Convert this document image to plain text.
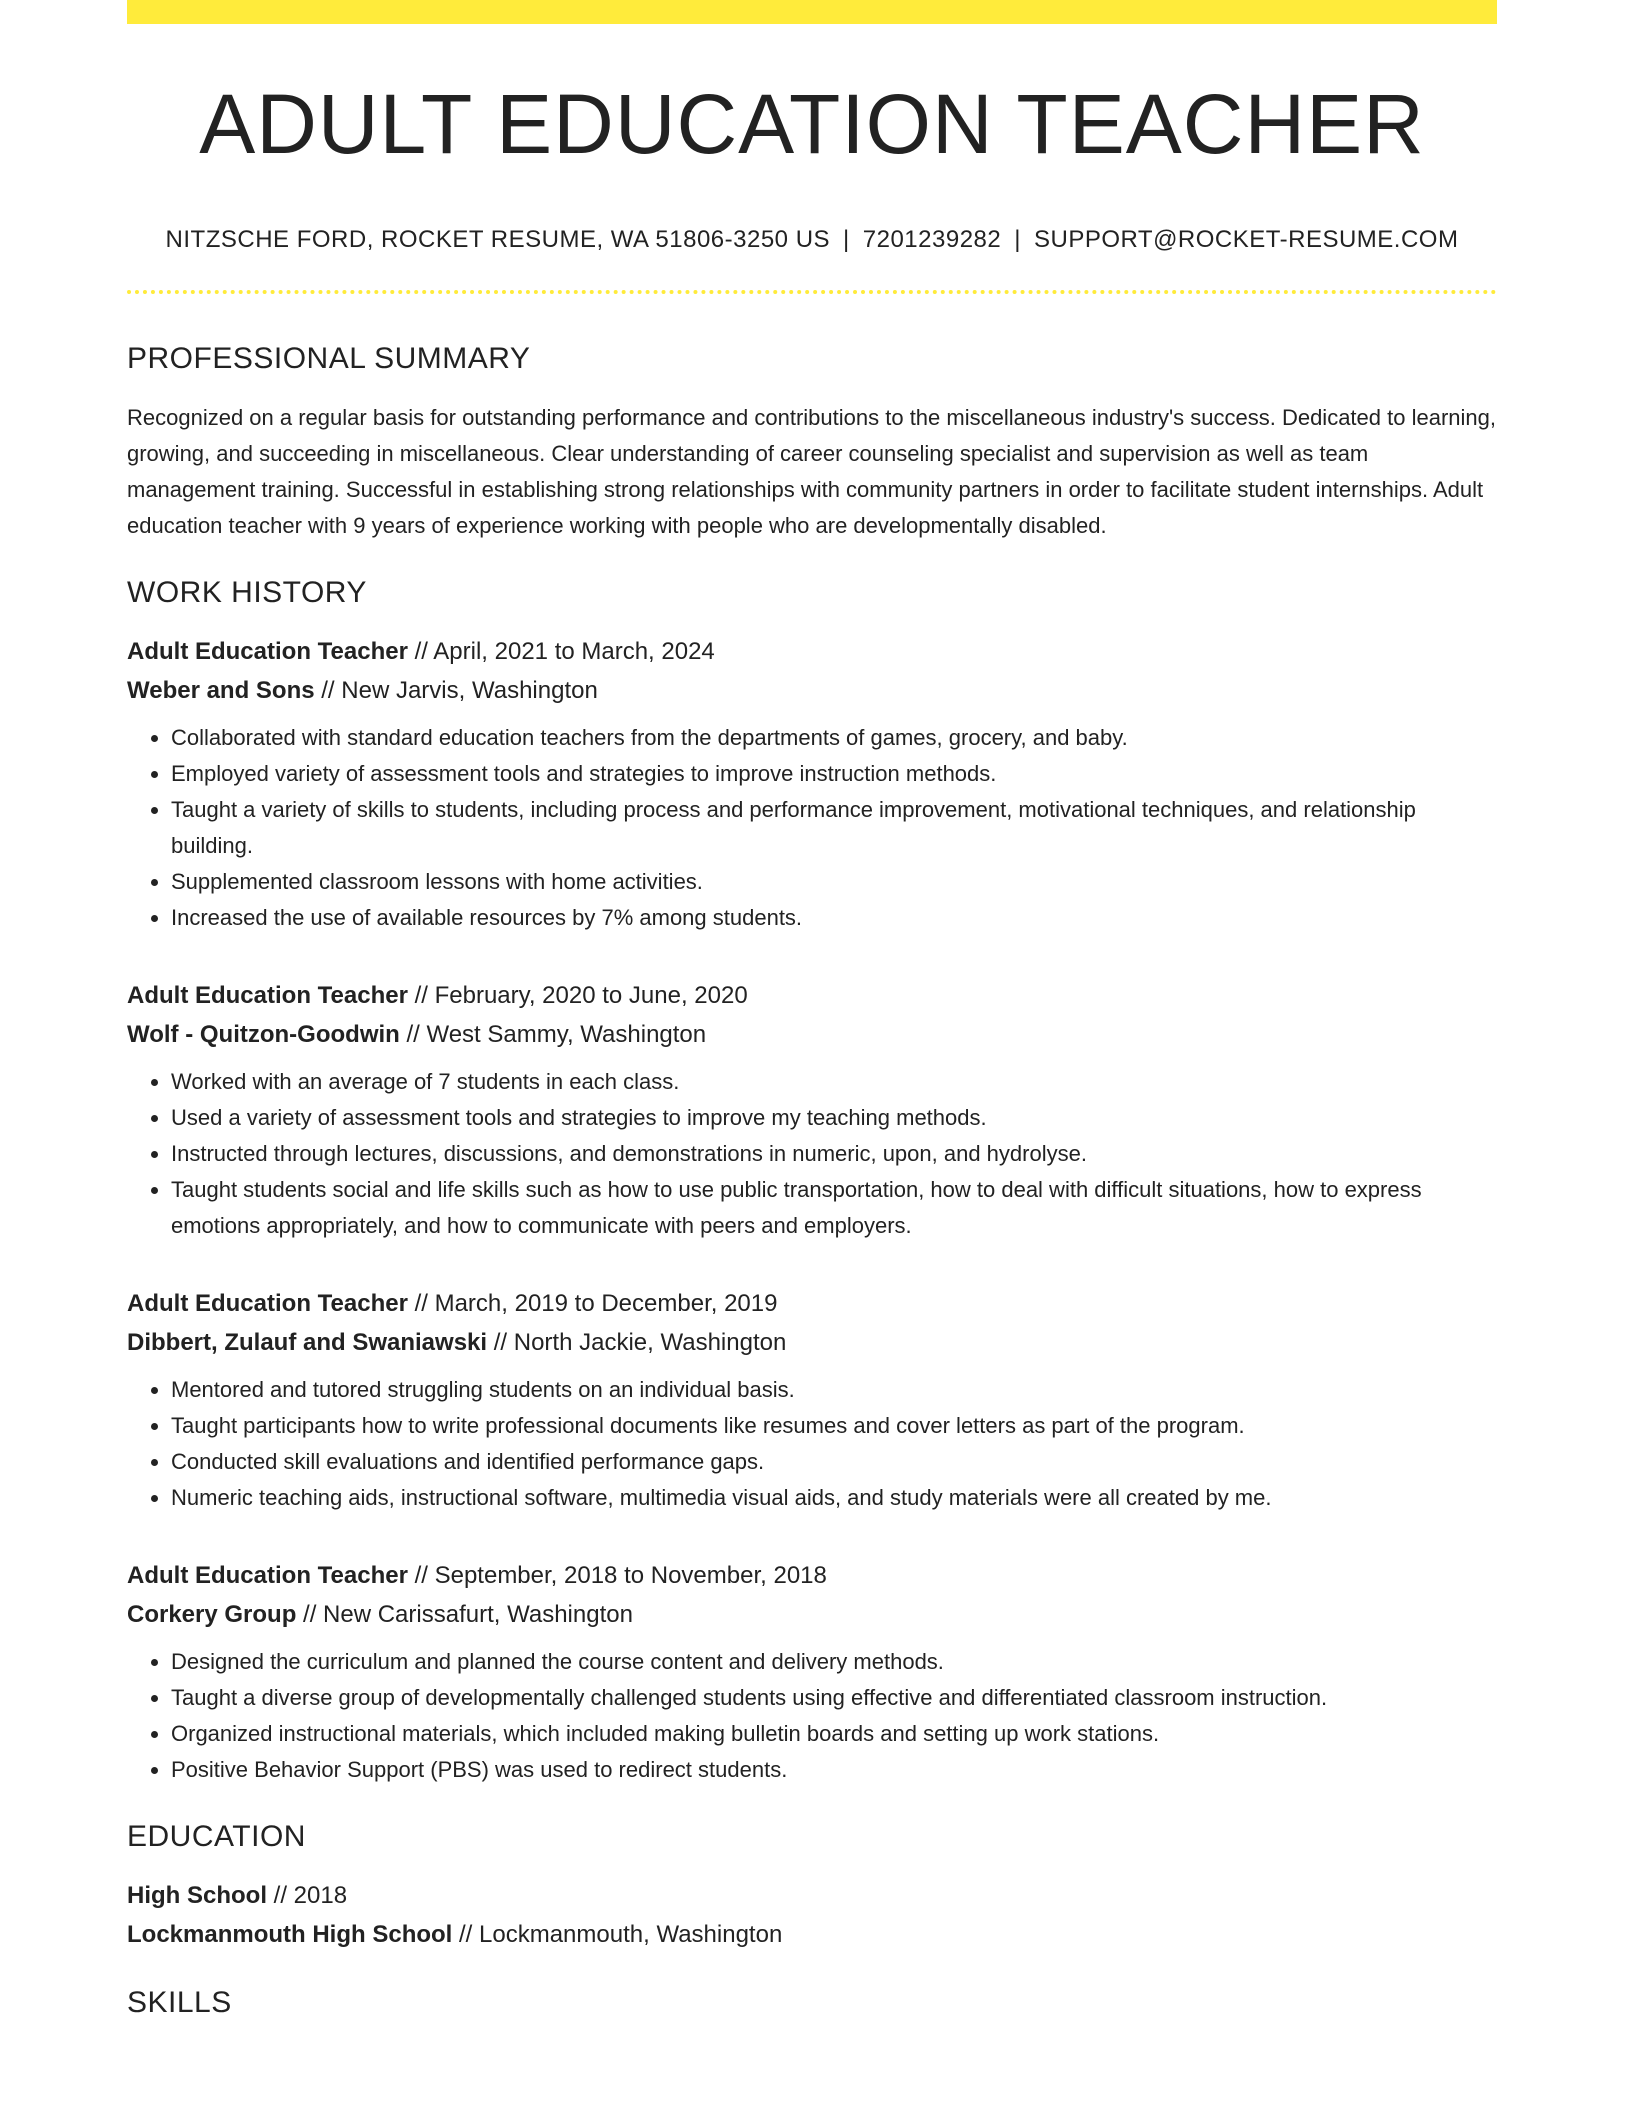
ADULT EDUCATION TEACHER
NITZSCHE FORD, ROCKET RESUME, WA 51806-3250 US | 7201239282 | SUPPORT@ROCKET-RESUME.COM
PROFESSIONAL SUMMARY
Recognized on a regular basis for outstanding performance and contributions to the miscellaneous industry's success. Dedicated to learning, growing, and succeeding in miscellaneous. Clear understanding of career counseling specialist and supervision as well as team management training. Successful in establishing strong relationships with community partners in order to facilitate student internships. Adult education teacher with 9 years of experience working with people who are developmentally disabled.
WORK HISTORY
Adult Education Teacher // April, 2021 to March, 2024
Weber and Sons // New Jarvis, Washington
• Collaborated with standard education teachers from the departments of games, grocery, and baby.
• Employed variety of assessment tools and strategies to improve instruction methods.
• Taught a variety of skills to students, including process and performance improvement, motivational techniques, and relationship building.
• Supplemented classroom lessons with home activities.
• Increased the use of available resources by 7% among students.
Adult Education Teacher // February, 2020 to June, 2020
Wolf - Quitzon-Goodwin // West Sammy, Washington
• Worked with an average of 7 students in each class.
• Used a variety of assessment tools and strategies to improve my teaching methods.
• Instructed through lectures, discussions, and demonstrations in numeric, upon, and hydrolyse.
• Taught students social and life skills such as how to use public transportation, how to deal with difficult situations, how to express emotions appropriately, and how to communicate with peers and employers.
Adult Education Teacher // March, 2019 to December, 2019
Dibbert, Zulauf and Swaniawski // North Jackie, Washington
• Mentored and tutored struggling students on an individual basis.
• Taught participants how to write professional documents like resumes and cover letters as part of the program.
• Conducted skill evaluations and identified performance gaps.
• Numeric teaching aids, instructional software, multimedia visual aids, and study materials were all created by me.
Adult Education Teacher // September, 2018 to November, 2018
Corkery Group // New Carissafurt, Washington
• Designed the curriculum and planned the course content and delivery methods.
• Taught a diverse group of developmentally challenged students using effective and differentiated classroom instruction.
• Organized instructional materials, which included making bulletin boards and setting up work stations.
• Positive Behavior Support (PBS) was used to redirect students.
EDUCATION
High School // 2018
Lockmanmouth High School // Lockmanmouth, Washington
SKILLS
